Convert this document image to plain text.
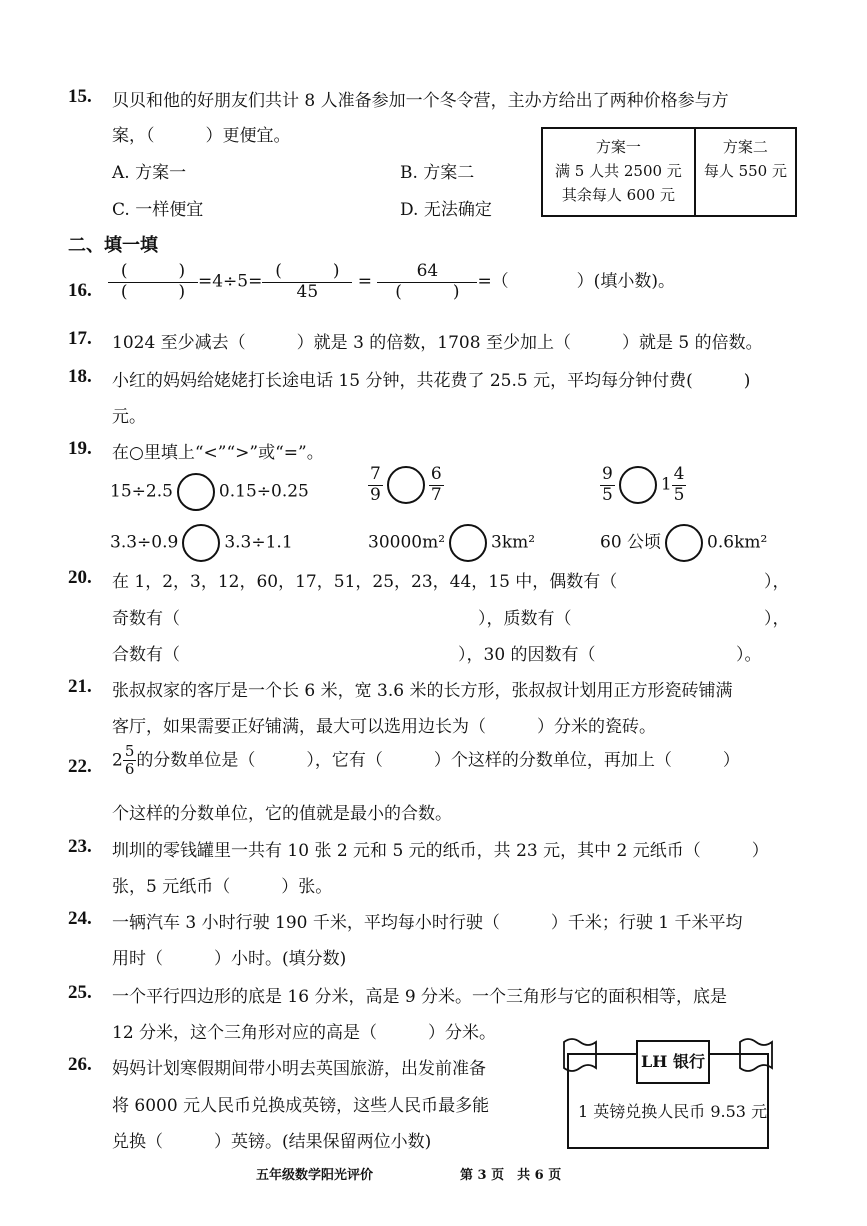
15. 贝贝和他的好朋友们共计 8 人准备参加一个冬令营，主办方给出了两种价格参与方
案，（　　　）更便宜。
A. 方案一	B. 方案二
C. 一样便宜	D. 无法确定
方案一
满 5 人共 2500 元
其余每人 600 元

方案二
每人 550 元
二、填一填
16. $\frac{( )}{( )} =4\div 5= \frac{( )}{45} = \frac{64}{( )}$ =（　　　　）(填小数)。
17. 1024 至少减去（　　　）就是 3 的倍数，1708 至少加上（　　　）就是 5 的倍数。
18. 小红的妈妈给姥姥打长途电话 15 分钟，共花费了 25.5 元，平均每分钟付费(　　　)
元。
19. 在○里填上“<”“>”或“=”。
15÷2.5	0.15÷0.25	$\frac{7}{9}$	$\frac{6}{7}$	$\frac{9}{5}$	$1 \frac{4}{5}$
3.3÷0.9	3.3÷1.1	30000m²	3km²	60 公顷	0.6km²
20. 在 1，2，3，12，60，17，51，25，23，44，15 中，偶数有（	），
奇数有（	），质数有（	），
合数有（	），30 的因数有（	）。
21. 张叔叔家的客厅是一个长 6 米，宽 3.6 米的长方形，张叔叔计划用正方形瓷砖铺满
客厅，如果需要正好铺满，最大可以选用边长为（　　　）分米的瓷砖。
22. $2 \frac{5}{6}$ 的分数单位是（　　　），它有（　　　）个这样的分数单位，再加上（　　　）
个这样的分数单位，它的值就是最小的合数。
23. 圳圳的零钱罐里一共有 10 张 2 元和 5 元的纸币，共 23 元，其中 2 元纸币（　　　）
张，5 元纸币（　　　）张。
24. 一辆汽车 3 小时行驶 190 千米，平均每小时行驶（　　　）千米；行驶 1 千米平均
用时（　　　）小时。(填分数)
25. 一个平行四边形的底是 16 分米，高是 9 分米。一个三角形与它的面积相等，底是
12 分米，这个三角形对应的高是（　　　）分米。
26. 妈妈计划寒假期间带小明去英国旅游，出发前准备
将 6000 元人民币兑换成英镑，这些人民币最多能
兑换（　　　）英镑。(结果保留两位小数)
LH 银行
1 英镑兑换人民币 9.53 元
五年级数学阳光评价	第 3 页　共 6 页
